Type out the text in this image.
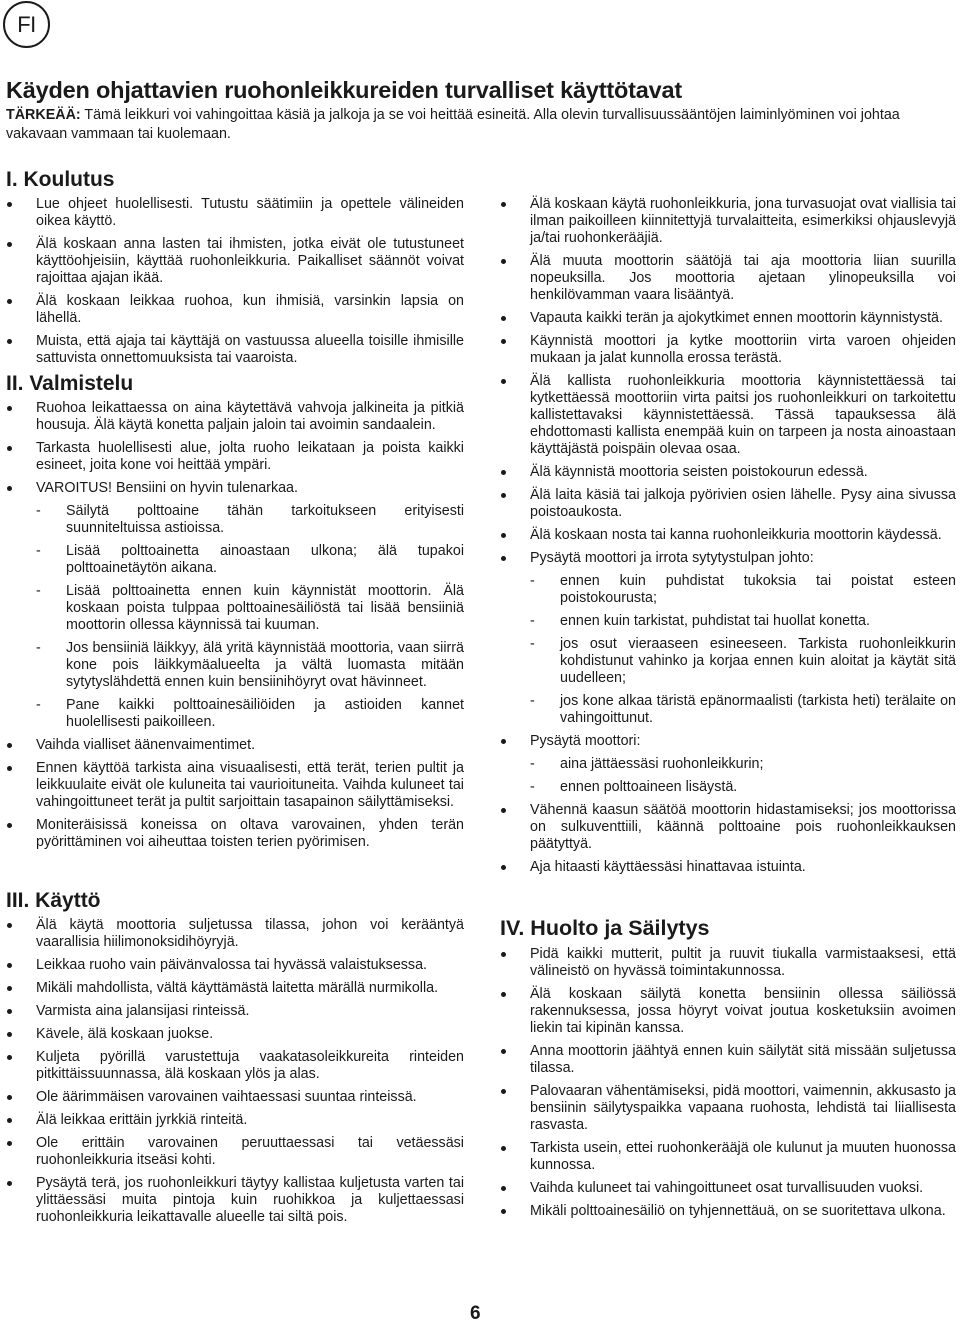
FI
Käyden ohjattavien ruohonleikkureiden turvalliset käyttötavat

TÄRKEÄÄ: Tämä leikkuri voi vahingoittaa käsiä ja jalkoja ja se voi heittää esineitä. Alla olevin turvallisuussääntöjen laiminlyöminen voi johtaa vakavaan vammaan tai kuolemaan.

I. Koulutus
Lue ohjeet huolellisesti. Tutustu säätimiin ja opettele välineiden oikea käyttö.
Älä koskaan anna lasten tai ihmisten, jotka eivät ole tutustuneet käyttöohjeisiin, käyttää ruohonleikkuria. Paikalliset säännöt voivat rajoittaa ajajan ikää.
Älä koskaan leikkaa ruohoa, kun ihmisiä, varsinkin lapsia on lähellä.
Muista, että ajaja tai käyttäjä on vastuussa alueella toisille ihmisille sattuvista onnettomuuksista tai vaaroista.
II. Valmistelu
Ruohoa leikattaessa on aina käytettävä vahvoja jalkineita ja pitkiä housuja. Älä käytä konetta paljain jaloin tai avoimin sandaalein.
Tarkasta huolellisesti alue, jolta ruoho leikataan ja poista kaikki esineet, joita kone voi heittää ympäri.
VAROITUS! Bensiini on hyvin tulenarkaa.
- Säilytä polttoaine tähän tarkoitukseen erityisesti suunniteltuissa astioissa.
- Lisää polttoainetta ainoastaan ulkona; älä tupakoi polttoainetäytön aikana.
- Lisää polttoainetta ennen kuin käynnistät moottorin. Älä koskaan poista tulppaa polttoainesäiliöstä tai lisää bensiiniä moottorin ollessa käynnissä tai kuuman.
- Jos bensiiniä läikkyy, älä yritä käynnistää moottoria, vaan siirrä kone pois läikkymäalueelta ja vältä luomasta mitään sytytyslähdettä ennen kuin bensiinihöyryt ovat hävinneet.
- Pane kaikki polttoainesäiliöiden ja astioiden kannet huolellisesti paikoilleen.
Vaihda vialliset äänenvaimentimet.
Ennen käyttöä tarkista aina visuaalisesti, että terät, terien pultit ja leikkuulaite eivät ole kuluneita tai vaurioituneita. Vaihda kuluneet tai vahingoittuneet terät ja pultit sarjoittain tasapainon säilyttämiseksi.
Moniteräisissä koneissa on oltava varovainen, yhden terän pyörittäminen voi aiheuttaa toisten terien pyörimisen.
III. Käyttö
Älä käytä moottoria suljetussa tilassa, johon voi kerääntyä vaarallisia hiilimonoksidihöyryjä.
Leikkaa ruoho vain päivänvalossa tai hyvässä valaistuksessa.
Mikäli mahdollista, vältä käyttämästä laitetta märällä nurmikolla.
Varmista aina jalansijasi rinteissä.
Kävele, älä koskaan juokse.
Kuljeta pyörillä varustettuja vaakatasoleikkureita rinteiden pitkittäissuunnassa, älä koskaan ylös ja alas.
Ole äärimmäisen varovainen vaihtaessasi suuntaa rinteissä.
Älä leikkaa erittäin jyrkkiä rinteitä.
Ole erittäin varovainen peruuttaessasi tai vetäessäsi ruohonleikkuria itseäsi kohti.
Pysäytä terä, jos ruohonleikkuri täytyy kallistaa kuljetusta varten tai ylittäessäsi muita pintoja kuin ruohikkoa ja kuljettaessasi ruohonleikkuria leikattavalle alueelle tai siltä pois.
Älä koskaan käytä ruohonleikkuria, jona turvasuojat ovat viallisia tai ilman paikoilleen kiinnitettyjä turvalaitteita, esimerkiksi ohjauslevyjä ja/tai ruohonkerääjiä.
Älä muuta moottorin säätöjä tai aja moottoria liian suurilla nopeuksilla. Jos moottoria ajetaan ylinopeuksilla voi henkilövamman vaara lisääntyä.
Vapauta kaikki terän ja ajokytkimet ennen moottorin käynnistystä.
Käynnistä moottori ja kytke moottoriin virta varoen ohjeiden mukaan ja jalat kunnolla erossa terästä.
Älä kallista ruohonleikkuria moottoria käynnistettäessä tai kytkettäessä moottoriin virta paitsi jos ruohonleikkuri on tarkoitettu kallistettavaksi käynnistettäessä. Tässä tapauksessa älä ehdottomasti kallista enempää kuin on tarpeen ja nosta ainoastaan käyttäjästä poispäin olevaa osaa.
Älä käynnistä moottoria seisten poistokourun edessä.
Älä laita käsiä tai jalkoja pyörivien osien lähelle. Pysy aina sivussa poistoaukosta.
Älä koskaan nosta tai kanna ruohonleikkuria moottorin käydessä.
Pysäytä moottori ja irrota sytytystulpan johto:
- ennen kuin puhdistat tukoksia tai poistat esteen poistokourusta;
- ennen kuin tarkistat, puhdistat tai huollat konetta.
- jos osut vieraaseen esineeseen. Tarkista ruohonleikkurin kohdistunut vahinko ja korjaa ennen kuin aloitat ja käytät sitä uudelleen;
- jos kone alkaa täristä epänormaalisti (tarkista heti) terälaite on vahingoittunut.
Pysäytä moottori:
- aina jättäessäsi ruohonleikkurin;
- ennen polttoaineen lisäystä.
Vähennä kaasun säätöä moottorin hidastamiseksi; jos moottorissa on sulkuventtiili, käännä polttoaine pois ruohonleikkauksen päätyttyä.
Aja hitaasti käyttäessäsi hinattavaa istuinta.
IV. Huolto ja Säilytys
Pidä kaikki mutterit, pultit ja ruuvit tiukalla varmistaaksesi, että välineistö on hyvässä toimintakunnossa.
Älä koskaan säilytä konetta bensiinin ollessa säiliössä rakennuksessa, jossa höyryt voivat joutua kosketuksiin avoimen liekin tai kipinän kanssa.
Anna moottorin jäähtyä ennen kuin säilytät sitä missään suljetussa tilassa.
Palovaaran vähentämiseksi, pidä moottori, vaimennin, akkusasto ja bensiinin säilytyspaikka vapaana ruohosta, lehdistä tai liiallisesta rasvasta.
Tarkista usein, ettei ruohonkerääjä ole kulunut ja muuten huonossa kunnossa.
Vaihda kuluneet tai vahingoittuneet osat turvallisuuden vuoksi.
Mikäli polttoainesäiliö on tyhjennettäuä, on se suoritettava ulkona.
6
